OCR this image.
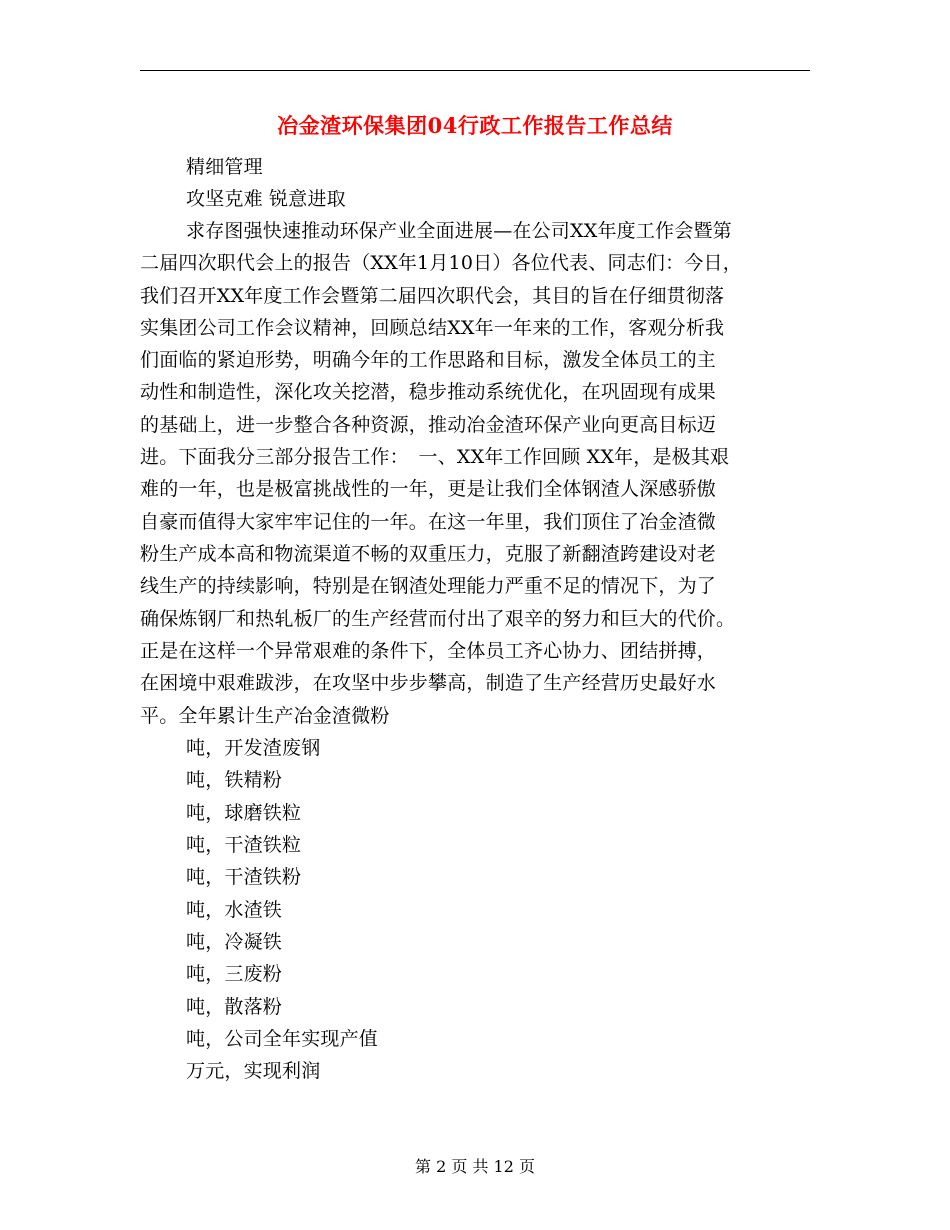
冶金渣环保集团04行政工作报告工作总结
精细管理
攻坚克难 锐意进取
求存图强快速推动环保产业全面进展—在公司XX年度工作会暨第
二届四次职代会上的报告（XX年1月10日）各位代表、同志们：今日，
我们召开XX年度工作会暨第二届四次职代会，其目的旨在仔细贯彻落
实集团公司工作会议精神，回顾总结XX年一年来的工作，客观分析我
们面临的紧迫形势，明确今年的工作思路和目标，激发全体员工的主
动性和制造性，深化攻关挖潜，稳步推动系统优化，在巩固现有成果
的基础上，进一步整合各种资源，推动冶金渣环保产业向更高目标迈
进。下面我分三部分报告工作：　一、XX年工作回顾 XX年，是极其艰
难的一年，也是极富挑战性的一年，更是让我们全体钢渣人深感骄傲
自豪而值得大家牢牢记住的一年。在这一年里，我们顶住了冶金渣微
粉生产成本高和物流渠道不畅的双重压力，克服了新翻渣跨建设对老
线生产的持续影响，特别是在钢渣处理能力严重不足的情况下，为了
确保炼钢厂和热轧板厂的生产经营而付出了艰辛的努力和巨大的代价。
正是在这样一个异常艰难的条件下，全体员工齐心协力、团结拼搏，
在困境中艰难跋涉，在攻坚中步步攀高，制造了生产经营历史最好水
平。全年累计生产冶金渣微粉
吨，开发渣废钢
吨，铁精粉
吨，球磨铁粒
吨，干渣铁粒
吨，干渣铁粉
吨，水渣铁
吨，冷凝铁
吨，三废粉
吨，散落粉
吨，公司全年实现产值
万元，实现利润
第 2 页 共 12 页
